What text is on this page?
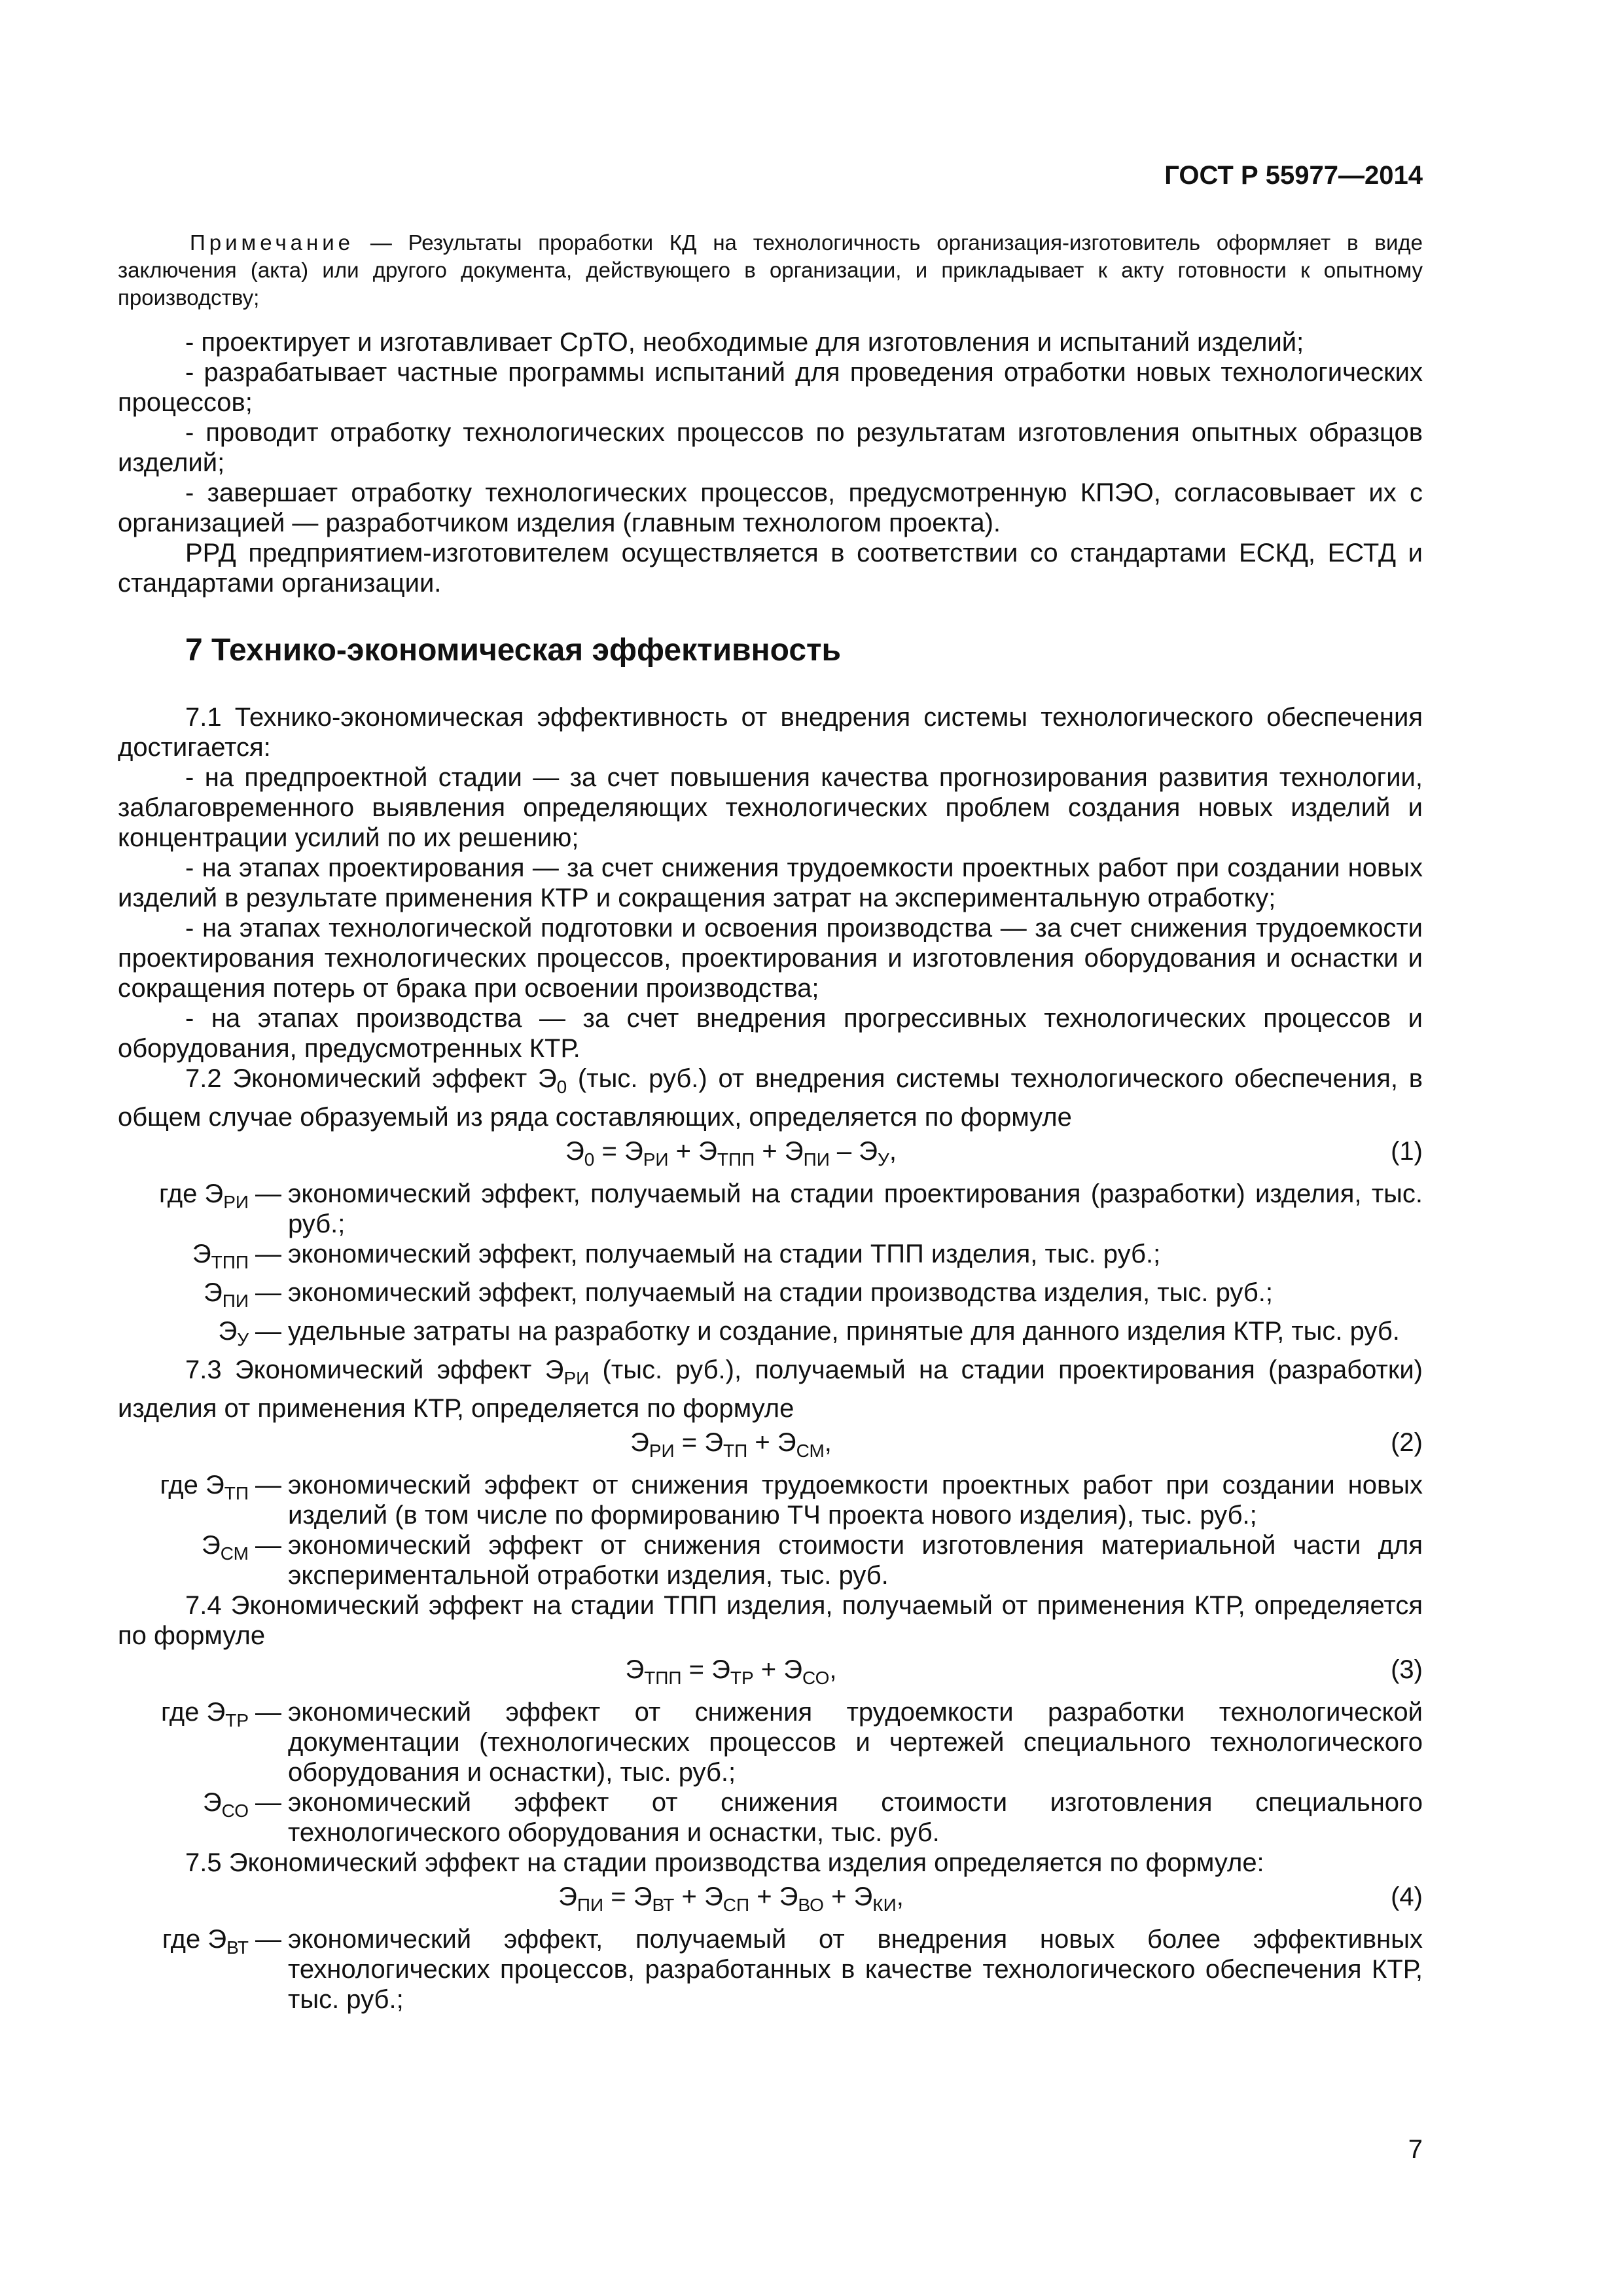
ГОСТ Р 55977—2014
Примечание — Результаты проработки КД на технологичность организация-изготовитель оформляет в виде заключения (акта) или другого документа, действующего в организации, и прикладывает к акту готовности к опытному производству;

- проектирует и изготавливает СрТО, необходимые для изготовления и испытаний изделий;

- разрабатывает частные программы испытаний для проведения отработки новых технологических процессов;

- проводит отработку технологических процессов по результатам изготовления опытных образцов изделий;

- завершает отработку технологических процессов, предусмотренную КПЭО, согласовывает их с организацией — разработчиком изделия (главным технологом проекта).

РРД предприятием-изготовителем осуществляется в соответствии со стандартами ЕСКД, ЕСТД и стандартами организации.

7 Технико-экономическая эффективность

7.1 Технико-экономическая эффективность от внедрения системы технологического обеспечения достигается:

- на предпроектной стадии — за счет повышения качества прогнозирования развития технологии, заблаговременного выявления определяющих технологических проблем создания новых изделий и концентрации усилий по их решению;

- на этапах проектирования — за счет снижения трудоемкости проектных работ при создании новых изделий в результате применения КТР и сокращения затрат на экспериментальную отработку;

- на этапах технологической подготовки и освоения производства — за счет снижения трудоемкости проектирования технологических процессов, проектирования и изготовления оборудования и оснастки и сокращения потерь от брака при освоении производства;

- на этапах производства — за счет внедрения прогрессивных технологических процессов и оборудования, предусмотренных КТР.

7.2 Экономический эффект $Э_0$ (тыс. руб.) от внедрения системы технологического обеспечения, в общем случае образуемый из ряда составляющих, определяется по формуле

$Э_0 = Э_{РИ} + Э_{ТПП} + Э_{ПИ} - Э_У$,	(1)
где $Э_{РИ}$ — экономический эффект, получаемый на стадии проектирования (разработки) изделия, тыс. руб.;
$Э_{ТПП}$ — экономический эффект, получаемый на стадии ТПП изделия, тыс. руб.;
$Э_{ПИ}$ — экономический эффект, получаемый на стадии производства изделия, тыс. руб.;
$Э_У$ — удельные затраты на разработку и создание, принятые для данного изделия КТР, тыс. руб.

7.3 Экономический эффект $Э_{РИ}$ (тыс. руб.), получаемый на стадии проектирования (разработки) изделия от применения КТР, определяется по формуле

$Э_{РИ} = Э_{ТП} + Э_{СМ}$,	(2)
где $Э_{ТП}$ — экономический эффект от снижения трудоемкости проектных работ при создании новых изделий (в том числе по формированию ТЧ проекта нового изделия), тыс. руб.;
$Э_{СМ}$ — экономический эффект от снижения стоимости изготовления материальной части для экспериментальной отработки изделия, тыс. руб.

7.4 Экономический эффект на стадии ТПП изделия, получаемый от применения КТР, определяется по формуле

$Э_{ТПП} = Э_{ТР} + Э_{СО}$,	(3)
где $Э_{ТР}$ — экономический эффект от снижения трудоемкости разработки технологической документации (технологических процессов и чертежей специального технологического оборудования и оснастки), тыс. руб.;
$Э_{СО}$ — экономический эффект от снижения стоимости изготовления специального технологического оборудования и оснастки, тыс. руб.

7.5 Экономический эффект на стадии производства изделия определяется по формуле:

$Э_{ПИ} = Э_{ВТ} + Э_{СП} + Э_{ВО} + Э_{КИ}$,	(4)
где $Э_{ВТ}$ — экономический эффект, получаемый от внедрения новых более эффективных технологических процессов, разработанных в качестве технологического обеспечения КТР, тыс. руб.;
7
